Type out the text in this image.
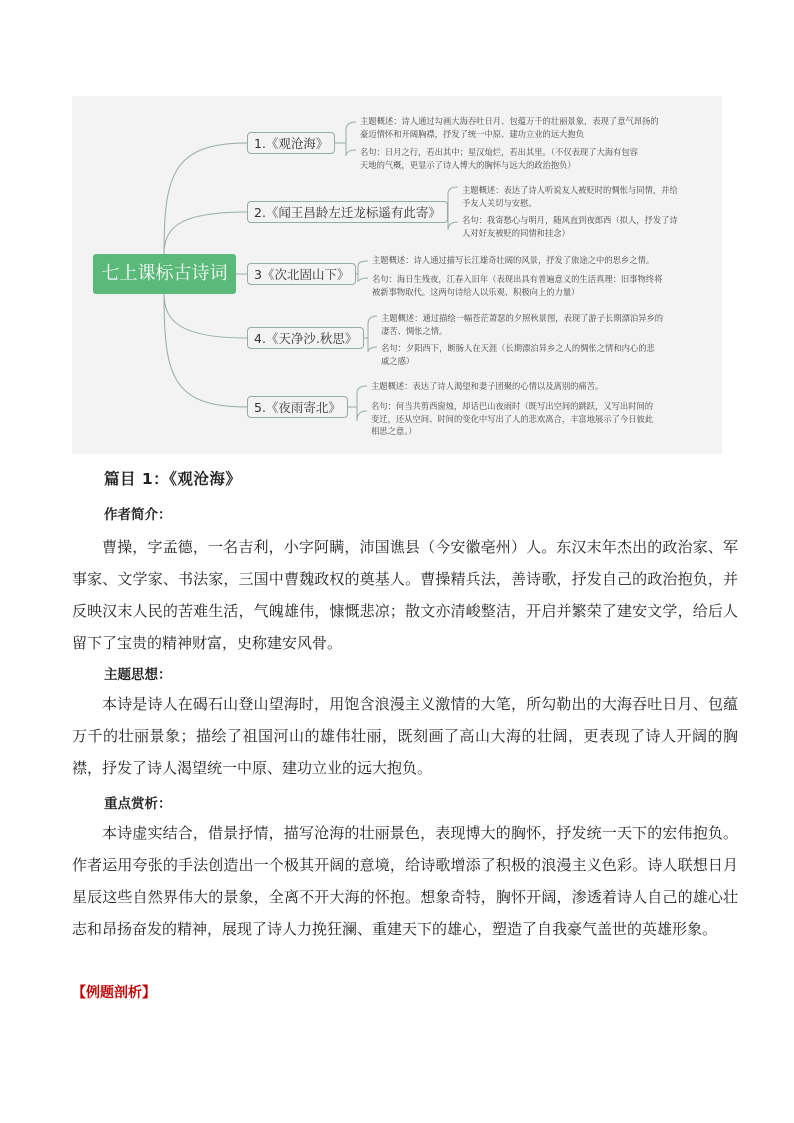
七上课标古诗词
1.《观沧海》
主题概述：诗人通过勾画大海吞吐日月、包蕴万千的壮丽景象，表现了意气昂扬的
豪迈情怀和开阔胸襟，抒发了统一中原、建功立业的远大抱负
名句：日月之行，若出其中；星汉灿烂，若出其里。（不仅表现了大海有包容
天地的气概，更显示了诗人博大的胸怀与远大的政治抱负）
2.《闻王昌龄左迁龙标遥有此寄》
主题概述：表达了诗人听说友人被贬时的惆怅与同情，并给
予友人关切与安慰。
名句：我寄愁心与明月，随风直到夜郎西（拟人，抒发了诗
人对好友被贬的同情和挂念）
3《次北固山下》
主题概述：诗人通过描写长江雄奇壮阔的风景，抒发了旅途之中的思乡之情。
名句：海日生残夜，江春入旧年（表现出具有普遍意义的生活真理：旧事物终将
被新事物取代。这两句诗给人以乐观、积极向上的力量）
4.《天净沙.秋思》
主题概述：通过描绘一幅苍茫萧瑟的夕照秋景图，表现了游子长期漂泊异乡的
凄苦、惆怅之情。
名句：夕阳西下，断肠人在天涯（长期漂泊异乡之人的惆怅之情和内心的悲
戚之感）
5.《夜雨寄北》
主题概述：表达了诗人渴望和妻子团聚的心情以及离别的痛苦。
名句：何当共剪西窗烛，却话巴山夜雨时（既写出空间的跳跃，又写出时间的
变迁，还从空间、时间的变化中写出了人的悲欢离合，丰富地展示了今日彼此
相思之意。）
篇目 1：《观沧海》
作者简介：
曹操，字孟德，一名吉利，小字阿瞒，沛国谯县（今安徽亳州）人。东汉末年杰出的政治家、军事家、文学家、书法家，三国中曹魏政权的奠基人。曹操精兵法，善诗歌，抒发自己的政治抱负，并反映汉末人民的苦难生活，气魄雄伟，慷慨悲凉；散文亦清峻整洁，开启并繁荣了建安文学，给后人留下了宝贵的精神财富，史称建安风骨。
主题思想：
本诗是诗人在碣石山登山望海时，用饱含浪漫主义激情的大笔，所勾勒出的大海吞吐日月、包蕴万千的壮丽景象；描绘了祖国河山的雄伟壮丽，既刻画了高山大海的壮阔，更表现了诗人开阔的胸襟，抒发了诗人渴望统一中原、建功立业的远大抱负。
重点赏析：
本诗虚实结合，借景抒情，描写沧海的壮丽景色，表现博大的胸怀，抒发统一天下的宏伟抱负。作者运用夸张的手法创造出一个极其开阔的意境，给诗歌增添了积极的浪漫主义色彩。诗人联想日月星辰这些自然界伟大的景象，全离不开大海的怀抱。想象奇特，胸怀开阔，渗透着诗人自己的雄心壮志和昂扬奋发的精神，展现了诗人力挽狂澜、重建天下的雄心，塑造了自我豪气盖世的英雄形象。
【例题剖析】
